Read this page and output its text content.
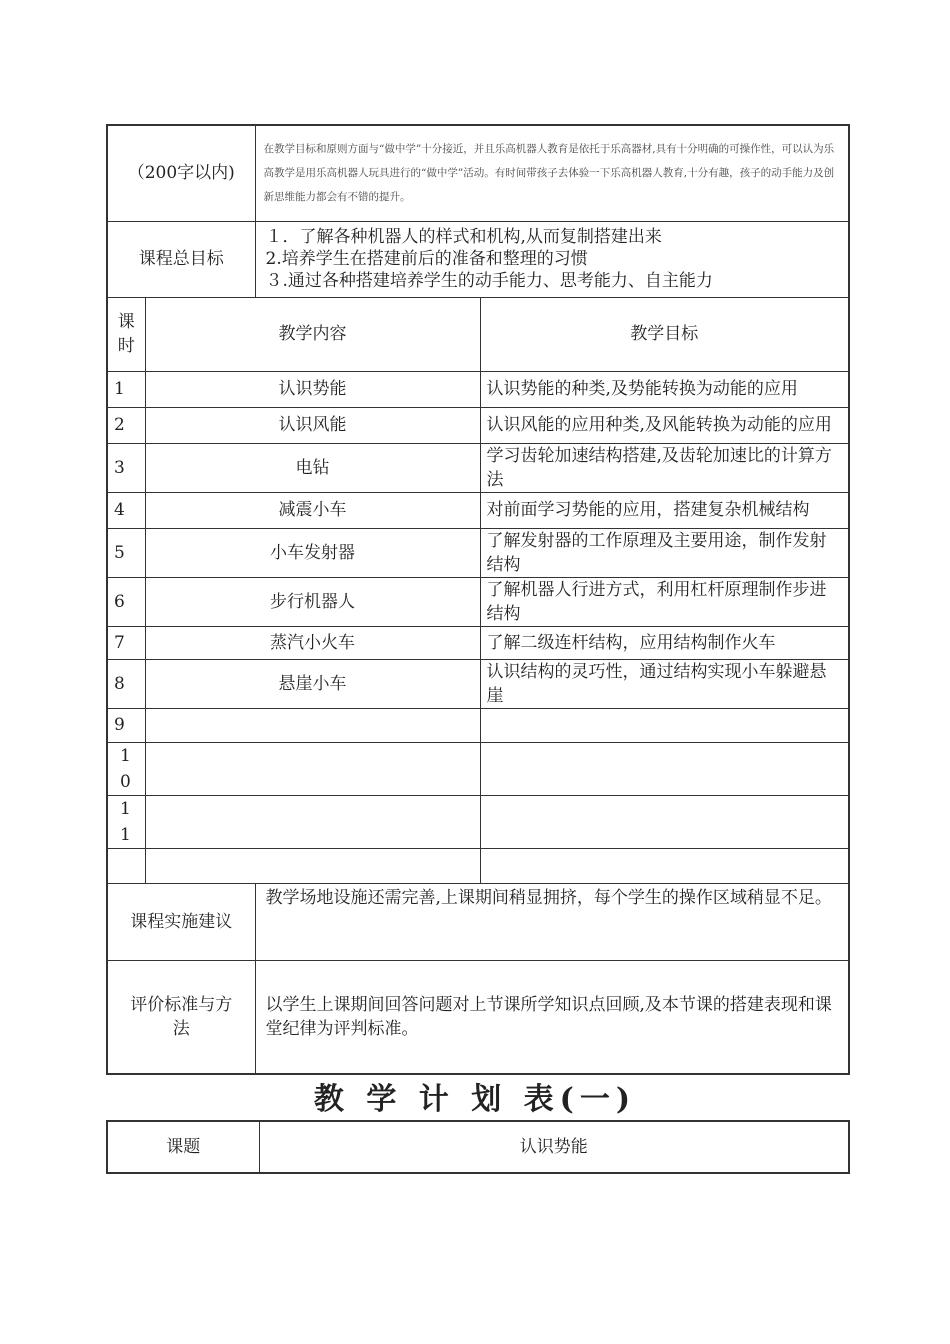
（200字以内)		在教学目标和原则方面与“做中学”十分接近，并且乐高机器人教育是依托于乐高器材,具有十分明确的可操作性，可以认为乐高教学是用乐高机器人玩具进行的“做中学”活动。有时间带孩子去体验一下乐高机器人教育,十分有趣，孩子的动手能力及创新思维能力都会有不错的提升。	
课程总目标		１．了解各种机器人的样式和机构,从而复制搭建出来
2.培养学生在搭建前后的准备和整理的习惯
３.通过各种搭建培养学生的动手能力、思考能力、自主能力	

课时	教学内容		教学目标
1	认识势能		认识势能的种类,及势能转换为动能的应用
2	认识风能		认识风能的应用种类,及风能转换为动能的应用
3	电钻		学习齿轮加速结构搭建,及齿轮加速比的计算方法
4	减震小车		对前面学习势能的应用，搭建复杂机械结构
5	小车发射器		了解发射器的工作原理及主要用途，制作发射结构
6	步行机器人		了解机器人行进方式，利用杠杆原理制作步进结构
7	蒸汽小火车		了解二级连杆结构，应用结构制作火车
8	悬崖小车		认识结构的灵巧性，通过结构实现小车躲避悬崖
9			
10			
11			

课程实施建议		教学场地设施还需完善,上课期间稍显拥挤，每个学生的操作区域稍显不足。	
评价标准与方法		以学生上课期间回答问题对上节课所学知识点回顾,及本节课的搭建表现和课堂纪律为评判标准。	
教 学 计 划 表(一)
课题	认识势能
